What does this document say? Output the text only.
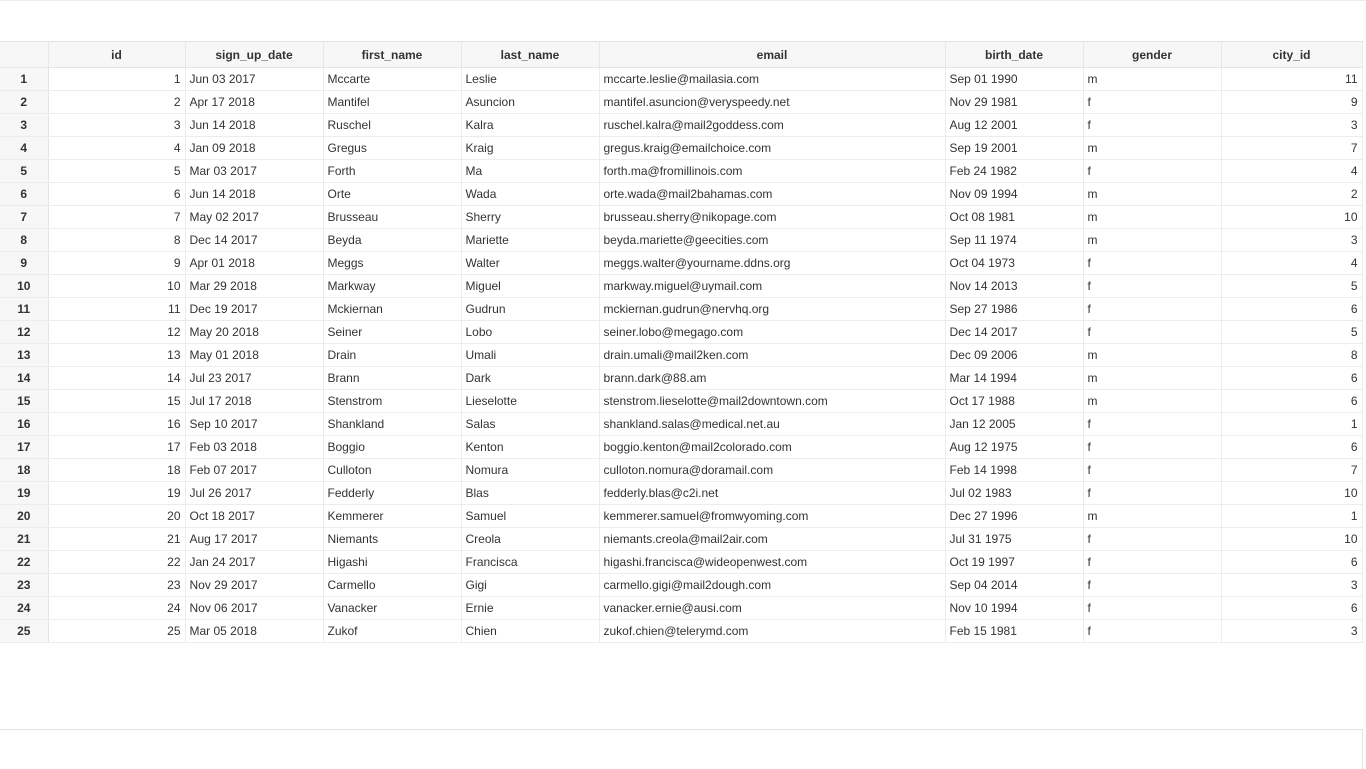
	id	sign_up_date	first_name	last_name	email	birth_date	gender	city_id
1	1	Jun 03 2017	Mccarte	Leslie	mccarte.leslie@mailasia.com	Sep 01 1990	m	11
2	2	Apr 17 2018	Mantifel	Asuncion	mantifel.asuncion@veryspeedy.net	Nov 29 1981	f	9
3	3	Jun 14 2018	Ruschel	Kalra	ruschel.kalra@mail2goddess.com	Aug 12 2001	f	3
4	4	Jan 09 2018	Gregus	Kraig	gregus.kraig@emailchoice.com	Sep 19 2001	m	7
5	5	Mar 03 2017	Forth	Ma	forth.ma@fromillinois.com	Feb 24 1982	f	4
6	6	Jun 14 2018	Orte	Wada	orte.wada@mail2bahamas.com	Nov 09 1994	m	2
7	7	May 02 2017	Brusseau	Sherry	brusseau.sherry@nikopage.com	Oct 08 1981	m	10
8	8	Dec 14 2017	Beyda	Mariette	beyda.mariette@geecities.com	Sep 11 1974	m	3
9	9	Apr 01 2018	Meggs	Walter	meggs.walter@yourname.ddns.org	Oct 04 1973	f	4
10	10	Mar 29 2018	Markway	Miguel	markway.miguel@uymail.com	Nov 14 2013	f	5
11	11	Dec 19 2017	Mckiernan	Gudrun	mckiernan.gudrun@nervhq.org	Sep 27 1986	f	6
12	12	May 20 2018	Seiner	Lobo	seiner.lobo@megago.com	Dec 14 2017	f	5
13	13	May 01 2018	Drain	Umali	drain.umali@mail2ken.com	Dec 09 2006	m	8
14	14	Jul 23 2017	Brann	Dark	brann.dark@88.am	Mar 14 1994	m	6
15	15	Jul 17 2018	Stenstrom	Lieselotte	stenstrom.lieselotte@mail2downtown.com	Oct 17 1988	m	6
16	16	Sep 10 2017	Shankland	Salas	shankland.salas@medical.net.au	Jan 12 2005	f	1
17	17	Feb 03 2018	Boggio	Kenton	boggio.kenton@mail2colorado.com	Aug 12 1975	f	6
18	18	Feb 07 2017	Culloton	Nomura	culloton.nomura@doramail.com	Feb 14 1998	f	7
19	19	Jul 26 2017	Fedderly	Blas	fedderly.blas@c2i.net	Jul 02 1983	f	10
20	20	Oct 18 2017	Kemmerer	Samuel	kemmerer.samuel@fromwyoming.com	Dec 27 1996	m	1
21	21	Aug 17 2017	Niemants	Creola	niemants.creola@mail2air.com	Jul 31 1975	f	10
22	22	Jan 24 2017	Higashi	Francisca	higashi.francisca@wideopenwest.com	Oct 19 1997	f	6
23	23	Nov 29 2017	Carmello	Gigi	carmello.gigi@mail2dough.com	Sep 04 2014	f	3
24	24	Nov 06 2017	Vanacker	Ernie	vanacker.ernie@ausi.com	Nov 10 1994	f	6
25	25	Mar 05 2018	Zukof	Chien	zukof.chien@telerymd.com	Feb 15 1981	f	3
